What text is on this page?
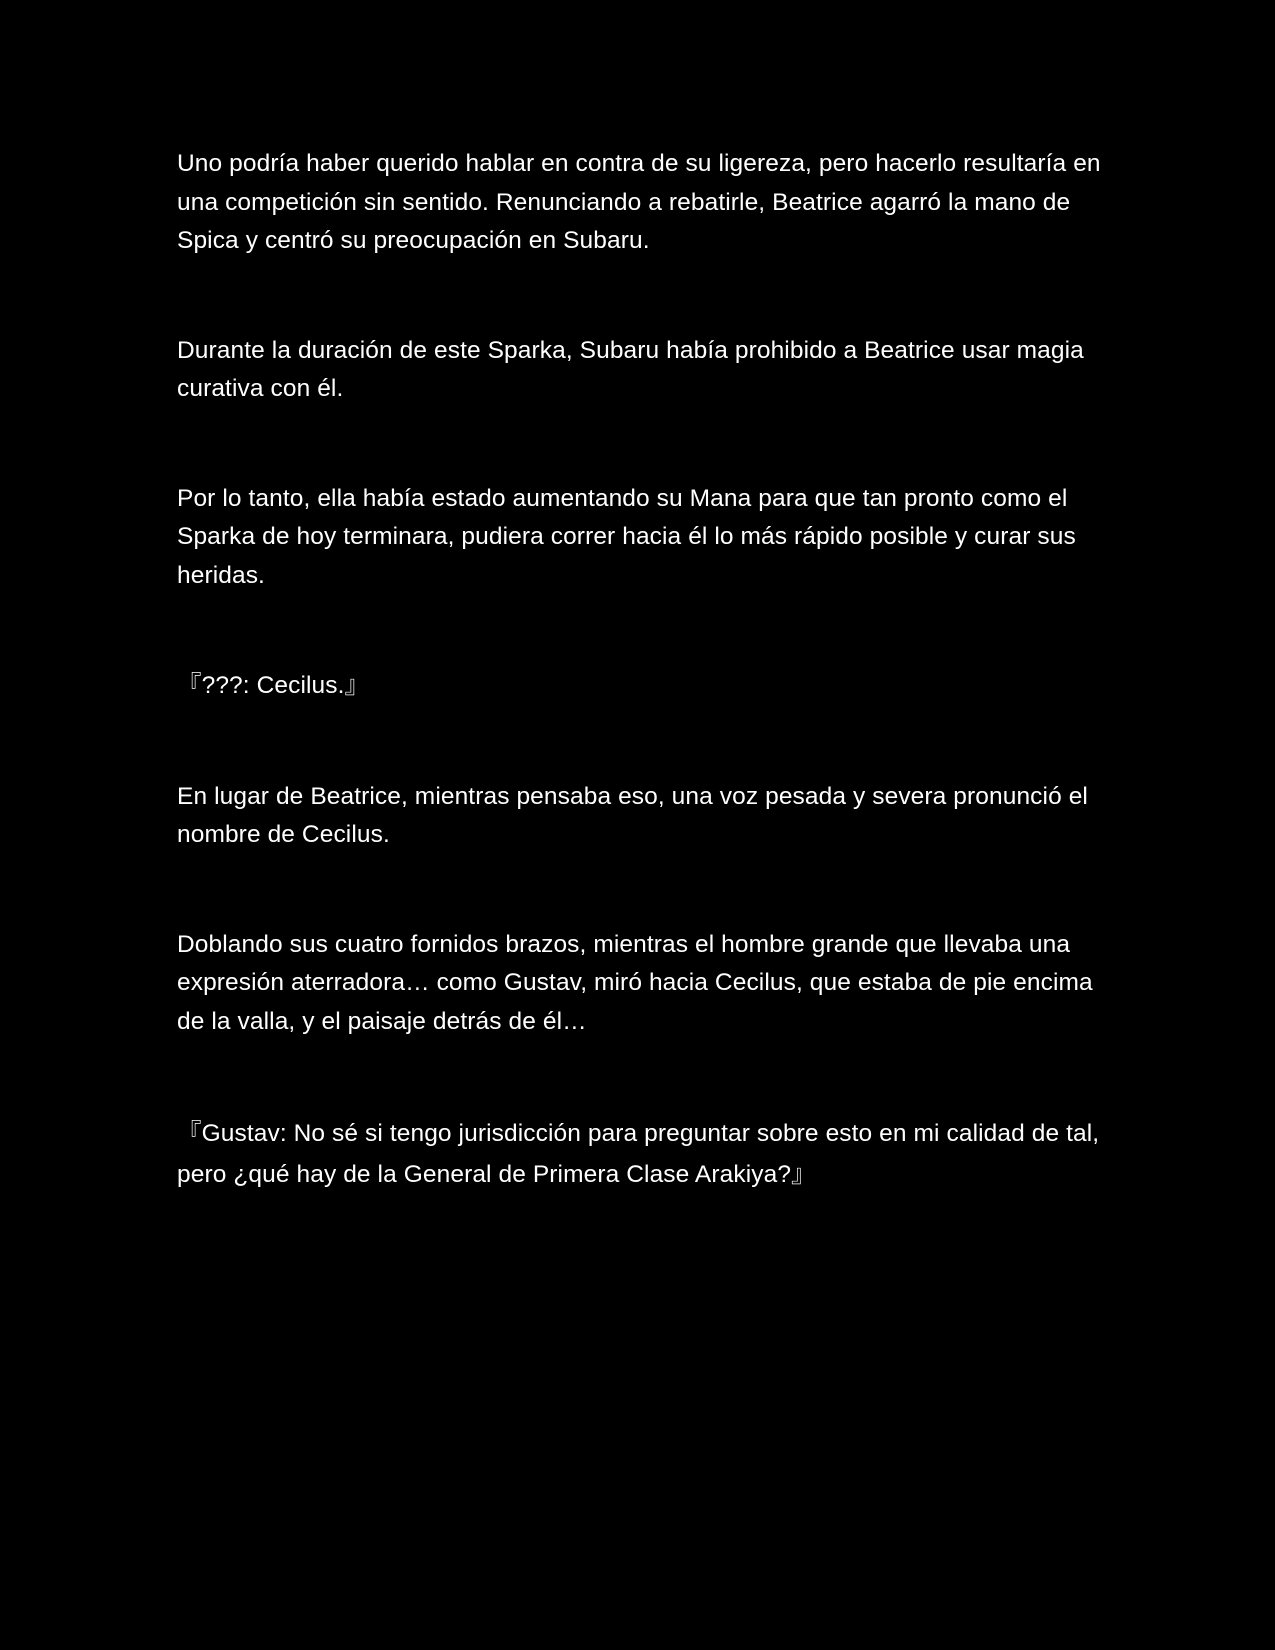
Uno podría haber querido hablar en contra de su ligereza, pero hacerlo resultaría en una competición sin sentido. Renunciando a rebatirle, Beatrice agarró la mano de Spica y centró su preocupación en Subaru.

Durante la duración de este Sparka, Subaru había prohibido a Beatrice usar magia curativa con él.

Por lo tanto, ella había estado aumentando su Mana para que tan pronto como el Sparka de hoy terminara, pudiera correr hacia él lo más rápido posible y curar sus heridas.

『???: Cecilus.』

En lugar de Beatrice, mientras pensaba eso, una voz pesada y severa pronunció el nombre de Cecilus.

Doblando sus cuatro fornidos brazos, mientras el hombre grande que llevaba una expresión aterradora… como Gustav, miró hacia Cecilus, que estaba de pie encima de la valla, y el paisaje detrás de él…

『Gustav: No sé si tengo jurisdicción para preguntar sobre esto en mi calidad de tal, pero ¿qué hay de la General de Primera Clase Arakiya?』
